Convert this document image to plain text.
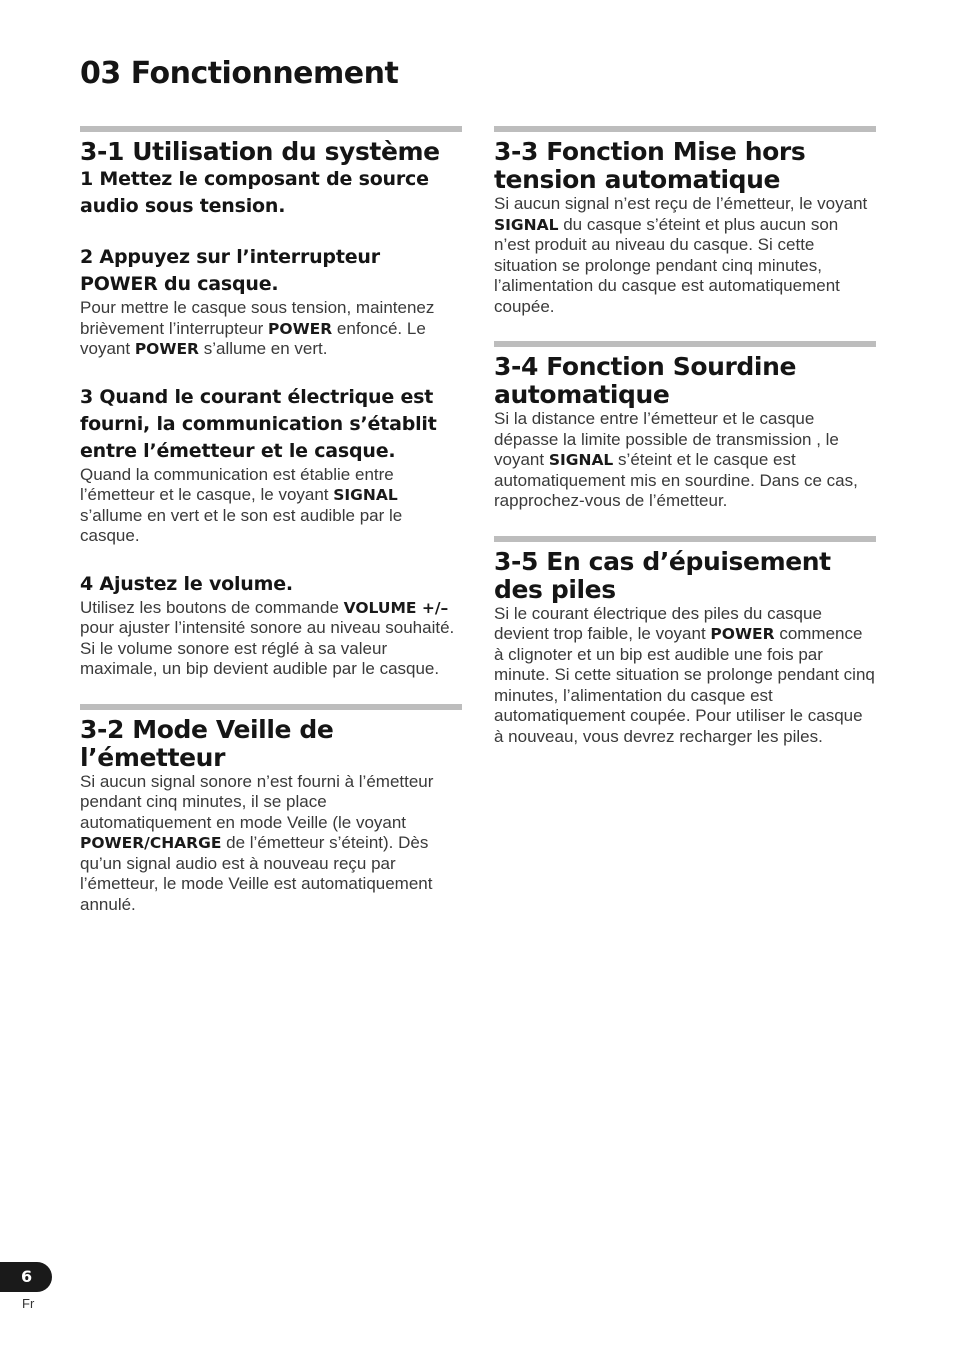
03 Fonctionnement
3-1 Utilisation du système
1 Mettez le composant de source audio sous tension.
2 Appuyez sur l’interrupteur POWER du casque.

Pour mettre le casque sous tension, maintenez brièvement l’interrupteur POWER enfoncé. Le voyant POWER s’allume en vert.

3 Quand le courant électrique est fourni, la communication s’établit entre l’émetteur et le casque.

Quand la communication est établie entre l’émetteur et le casque, le voyant SIGNAL s’allume en vert et le son est audible par le casque.

4 Ajustez le volume.

Utilisez les boutons de commande VOLUME +/– pour ajuster l’intensité sonore au niveau souhaité.

Si le volume sonore est réglé à sa valeur maximale, un bip devient audible par le casque.

3-2 Mode Veille de l’émetteur

Si aucun signal sonore n’est fourni à l’émetteur pendant cinq minutes, il se place automatiquement en mode Veille (le voyant POWER/CHARGE de l’émetteur s’éteint). Dès qu’un signal audio est à nouveau reçu par l’émetteur, le mode Veille est automatiquement annulé.

3-3 Fonction Mise hors tension automatique

Si aucun signal n’est reçu de l’émetteur, le voyant SIGNAL du casque s’éteint et plus aucun son n’est produit au niveau du casque. Si cette situation se prolonge pendant cinq minutes, l’alimentation du casque est automatiquement coupée.

3-4 Fonction Sourdine automatique

Si la distance entre l’émetteur et le casque dépasse la limite possible de transmission , le voyant SIGNAL s’éteint et le casque est automatiquement mis en sourdine. Dans ce cas, rapprochez-vous de l’émetteur.

3-5 En cas d’épuisement des piles

Si le courant électrique des piles du casque devient trop faible, le voyant POWER commence à clignoter et un bip est audible une fois par minute. Si cette situation se prolonge pendant cinq minutes, l’alimentation du casque est automatiquement coupée. Pour utiliser le casque à nouveau, vous devrez recharger les piles.

6
Fr
